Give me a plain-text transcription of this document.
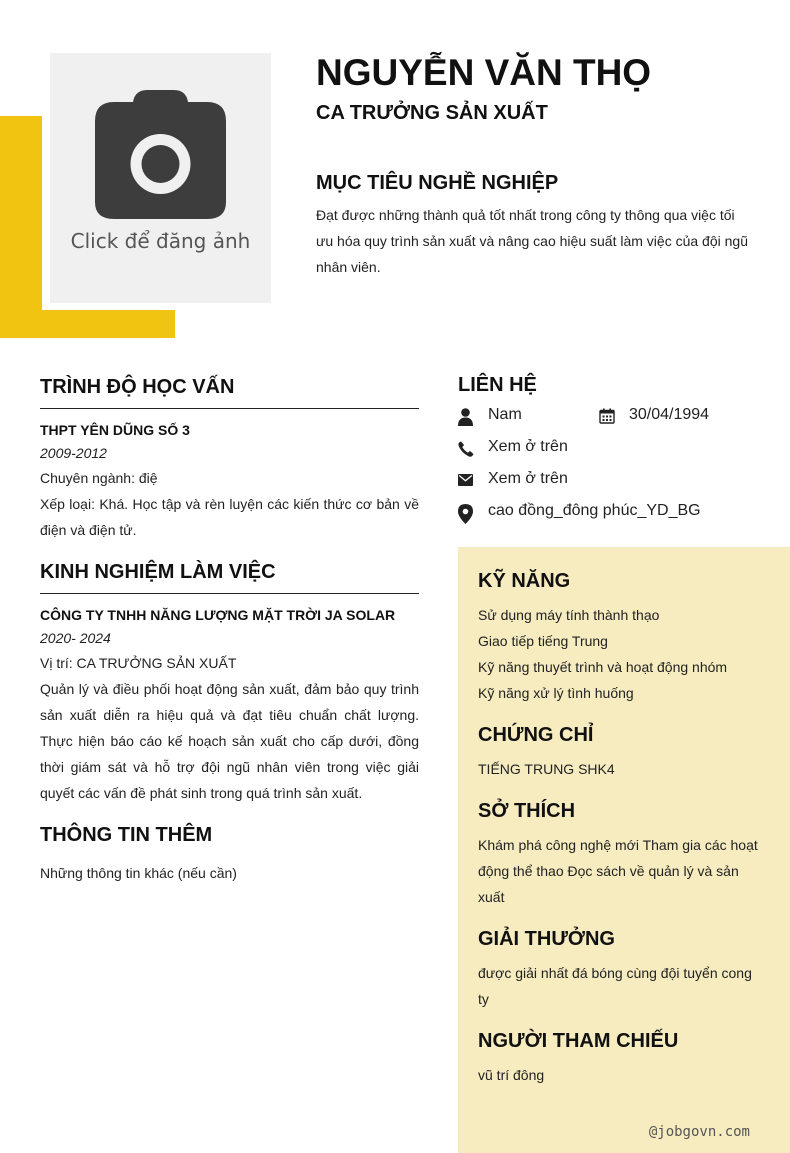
Click để đăng ảnh
NGUYỄN VĂN THỌ
CA TRƯỞNG SẢN XUẤT
MỤC TIÊU NGHỀ NGHIỆP
Đạt được những thành quả tốt nhất trong công ty thông qua việc tối ưu hóa quy trình sản xuất và nâng cao hiệu suất làm việc của đội ngũ nhân viên.
TRÌNH ĐỘ HỌC VẤN
THPT YÊN DŨNG SỐ 3
2009-2012
Chuyên ngành: điệ
Xếp loại: Khá. Học tập và rèn luyện các kiến thức cơ bản về điện và điện tử.
KINH NGHIỆM LÀM VIỆC
CÔNG TY TNHH NĂNG LƯỢNG MẶT TRỜI JA SOLAR
2020- 2024
Vị trí: CA TRƯỞNG SẢN XUẤT
Quản lý và điều phối hoạt động sản xuất, đảm bảo quy trình sản xuất diễn ra hiệu quả và đạt tiêu chuẩn chất lượng. Thực hiện báo cáo kế hoạch sản xuất cho cấp dưới, đồng thời giám sát và hỗ trợ đội ngũ nhân viên trong việc giải quyết các vấn đề phát sinh trong quá trình sản xuất.
THÔNG TIN THÊM
Những thông tin khác (nếu cần)
LIÊN HỆ
Nam	30/04/1994
Xem ở trên
Xem ở trên
cao đồng_đông phúc_YD_BG
KỸ NĂNG
Sử dụng máy tính thành thạo
Giao tiếp tiếng Trung
Kỹ năng thuyết trình và hoạt động nhóm
Kỹ năng xử lý tình huống
CHỨNG CHỈ
TIẾNG TRUNG SHK4
SỞ THÍCH
Khám phá công nghệ mới Tham gia các hoạt động thể thao Đọc sách về quản lý và sản xuất
GIẢI THƯỞNG
được giải nhất đá bóng cùng đội tuyển cong ty
NGƯỜI THAM CHIẾU
vũ trí đông
@jobgovn.com
